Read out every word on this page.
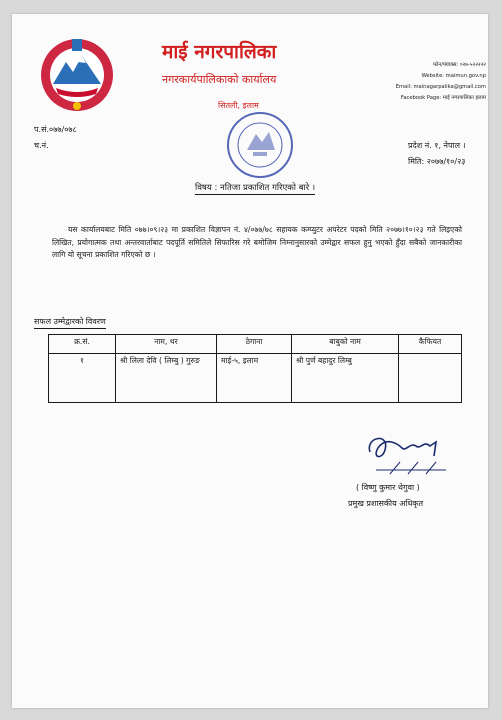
माई नगरपालिका
नगरकार्यपालिकाको कार्यालय
सितली, इलाम
फोन/फ्याक्स: ०२७-५२२२२२
Website: maimun.gov.np
Email: mainagarpalika@gmail.com
Facebook Page: माई नगरपालिका इलाम
प.सं.०७७/०७८
च.नं.	प्रदेश नं. १, नेपाल ।
मिति: २०७७/१०/२३
विषय : नतिजा प्रकाशित गरिएको बारे ।
यस कार्यालयबाट मिति ०७७।०९।२३ मा प्रकाशित विज्ञापन नं. ४/०७७/७८ सहायक कम्प्युटर अपरेटर पदको मिति २०७७।१०।२३ गते लिइएको लिखित, प्रयोगात्मक तथा अन्तरवार्ताबाट पदपूर्ति समितिले सिफारिस गरे बमोजिम निम्नानुसारको उम्मेद्वार सफल हुनु भएको हुँदा सबैको जानकारीका लागि यो सूचना प्रकाशित गरिएको छ ।
सफल उम्मेद्वारको विवरण
क्र.सं.	नाम, थर	ठेगाना	बाबुको नाम	कैफियत
१	श्री लिला देवि ( लिम्बु ) गुरुङ	माई-५, इलाम	श्री पुर्ण बहादुर लिम्बु	
( विष्णु कुमार थेगुवा )
प्रमुख प्रशासकीय अधिकृत
